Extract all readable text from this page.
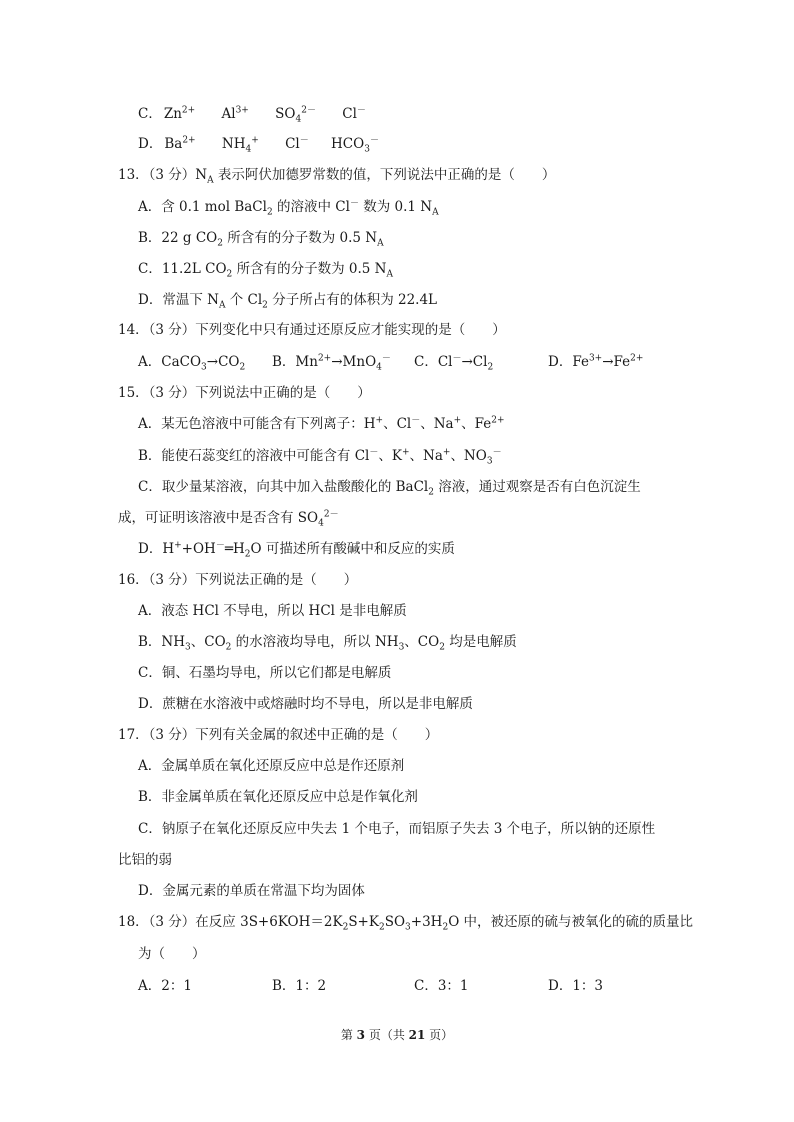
C． $Zn^{2+}$ $Al^{3+}$ $SO_4^{2-}$ Cl－
D． $Ba^{2+}$ $NH_4^+$ Cl－ $HCO_3^-$
13．（3 分）$N_A$ 表示阿伏加德罗常数的值，下列说法中正确的是（　　）
A．含 0.1 mol BaCl$_2$ 的溶液中 Cl－ 数为 0.1 $N_A$
B．22 g $CO_2$ 所含有的分子数为 0.5 $N_A$
C．11.2L $CO_2$ 所含有的分子数为 0.5 $N_A$
D．常温下 $N_A$ 个 $Cl_2$ 分子所占有的体积为 22.4L
14．（3 分）下列变化中只有通过还原反应才能实现的是（　　）
A．$CaCO_3\to CO_2$ B．$Mn^{2+}\to MnO_4^-$ C．$Cl^-\to Cl_2$	D．$Fe^{3+}\to Fe^{2+}$
15．（3 分）下列说法中正确的是（　　）
A．某无色溶液中可能含有下列离子：H+、Cl－、Na+、$Fe^{2+}$
B．能使石蕊变红的溶液中可能含有 Cl－、K+、Na+、$NO_3^-$
C．取少量某溶液，向其中加入盐酸酸化的 BaCl$_2$ 溶液，通过观察是否有白色沉淀生
成，可证明该溶液中是否含有 $SO_4^{2-}$
D．$H^++OH^-═H_2O$ 可描述所有酸碱中和反应的实质
16．（3 分）下列说法正确的是（　　）
A．液态 HCl 不导电，所以 HCl 是非电解质
B．$NH_3$、$CO_2$ 的水溶液均导电，所以 $NH_3$、$CO_2$ 均是电解质
C．铜、石墨均导电，所以它们都是电解质
D．蔗糖在水溶液中或熔融时均不导电，所以是非电解质
17．（3 分）下列有关金属的叙述中正确的是（　　）
A．金属单质在氧化还原反应中总是作还原剂
B．非金属单质在氧化还原反应中总是作氧化剂
C．钠原子在氧化还原反应中失去 1 个电子，而铝原子失去 3 个电子，所以钠的还原性
比铝的弱
D．金属元素的单质在常温下均为固体
18．（3 分）在反应 $3S+6KOH=2K_2S+K_2SO_3+3H_2O$ 中，被还原的硫与被氧化的硫的质量比
为（　　）
A．2：1	B．1：2	C．3：1	D．1：3
第 3 页（共 21 页）
